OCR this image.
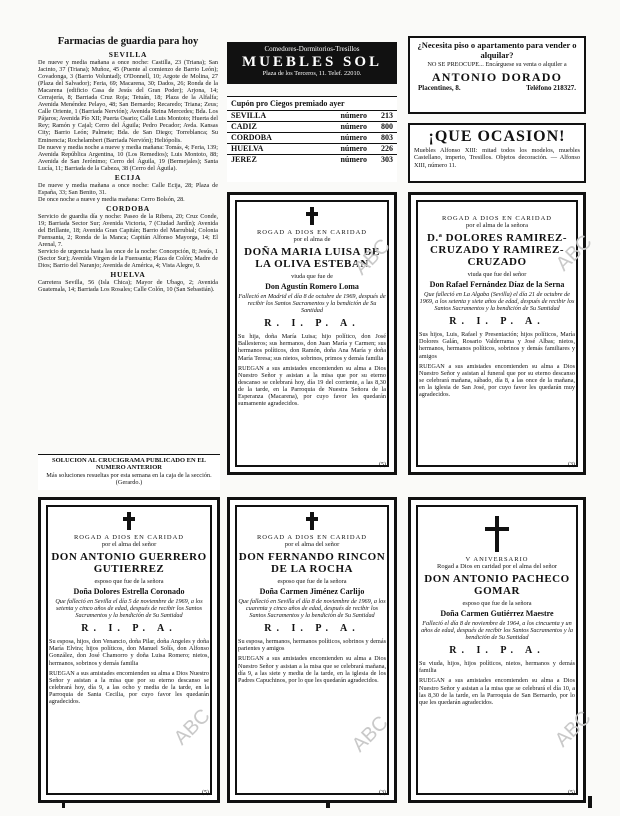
Farmacias de guardia para hoy
SEVILLA
De nueve y media mañana a once noche: Castilla, 23 (Triana); San Jacinto, 37 (Triana); Muñoz, 45 (Puente al comienzo de Barrio León); Covadonga, 3 (Barrio Voluntad); O'Donnell, 10; Argote de Molina, 27 (Plaza del Salvador); Feria, 69; Macarena, 30; Dados, 26; Ronda de la Macarena (edificio Casa de Jesús del Gran Poder); Arjona, 14; Cerrajería, 8; Barriada Cruz Roja; Tetuán, 18; Plaza de la Alfalfa; Avenida Menéndez Pelayo, 48; San Bernardo; Recaredo; Triana; Zeus; Calle Oriente, 1 (Barriada Nervión); Avenida Reina Mercedes; Bda. Los Pájaros; Avenida Pío XII; Puerta Osario; Calle Luis Montoto; Huerta del Rey; Ramón y Cajal; Cerro del Águila; Pedro Pecador; Avda. Kansas City; Barrio León; Palmete; Bda. de San Diego; Torreblanca; Su Eminencia; Rochelambert (Barriada Nervión); Heliópolis.
De nueve y media noche a nueve y media mañana: Tomás, 4; Feria, 139; Avenida República Argentina, 10 (Los Remedios); Luis Montoto, 88; Avenida de San Jerónimo; Cerro del Águila, 19 (Bermejales); Santa Lucía, 11; Barriada de la Cabeza, 38 (Cerro del Águila).
ECIJA
De nueve y media mañana a once noche: Calle Ecija, 28; Plaza de España, 33; San Benito, 31.
De once noche a nueve y media mañana: Cerro Bolsón, 28.
CORDOBA
Servicio de guardia día y noche: Paseo de la Ribera, 20; Cruz Conde, 19; Barriada Sector Sur; Avenida Victoria, 7 (Ciudad Jardín); Avenida del Brillante, 18; Avenida Gran Capitán; Barrio del Marrubial; Colonia Fuensanta, 2; Ronda de la Manca; Capitán Alfonso Mayorga, 14; El Arenal, 7.
Servicio de urgencia hasta las once de la noche: Concepción, 8; Jesús, 1 (Sector Sur); Avenida Virgen de la Fuensanta; Plaza de Colón; Madre de Dios; Barrio del Naranjo; Avenida de América, 4; Vista Alegre, 9.
HUELVA
Carretera Sevilla, 56 (Isla Chica); Mayor de Ubago, 2; Avenida Guatemala, 14; Barriada Los Rosales; Calle Colón, 10 (San Sebastián).
SOLUCION AL CRUCIGRAMA PUBLICADO EN EL NUMERO ANTERIOR
Más soluciones resueltas por esta semana en la caja de la sección. (Gerardo.)
Comedores-Dormitorios-Tresillos
MUEBLES SOL
Plaza de los Terceros, 11. Telef. 22010.
Cupón pro Ciegos premiado ayer
SEVILLA	número	213
CADIZ	número	800
CORDOBA	número	803
HUELVA	número	226
JEREZ	número	303
¿Necesita piso o apartamento para vender o alquilar?
NO SE PREOCUPE... Encárguese su venta o alquiler a
ANTONIO DORADO
Placentines, 8.	Teléfono 218327.
¡QUE OCASION!
Muebles Alfonso XIII: mitad todos los modelos, muebles Castellano, imperio, Tresillos. Objetos decoración. — Alfonso XIII, número 11.
ROGAD A DIOS EN CARIDAD
por el alma de
DOÑA MARIA LUISA DE LA OLIVA ESTEBAN
viuda que fue de
Don Agustín Romero Loma
Falleció en Madrid el día 8 de octubre de 1969, después de recibir los Santos Sacramentos y la bendición de Su Santidad
R. I. P. A.
Su hija, doña María Luisa; hijo político, don José Ballesteros; sus hermanos, don Juan María y Carmen; sus hermanos políticos, don Ramón, doña Ana María y doña María Teresa; sus nietos, sobrinos, primos y demás familia
RUEGAN a sus amistades encomienden su alma a Dios Nuestro Señor y asistan a la misa que por su eterno descanso se celebrará hoy, día 19 del corriente, a las 8,30 de la tarde, en la Parroquia de Nuestra Señora de la Esperanza (Macarena), por cuyo favor les quedarán sumamente agradecidos.
(5)
ROGAD A DIOS EN CARIDAD
por el alma de la señora
D.ª DOLORES RAMIREZ-CRUZADO Y RAMIREZ-CRUZADO
viuda que fue del señor
Don Rafael Fernández Díaz de la Serna
Que falleció en La Algaba (Sevilla) el día 21 de octubre de 1969, a los setenta y siete años de edad, después de recibir los Santos Sacramentos y la bendición de Su Santidad
R. I. P. A.
Sus hijos, Luis, Rafael y Presentación; hijos políticos, María Dolores Galán, Rosario Valderrama y José Albas; nietos, hermanos, hermanos políticos, sobrinos y demás familiares y amigos
RUEGAN a sus amistades encomienden su alma a Dios Nuestro Señor y asistan al funeral que por su eterno descanso se celebrará mañana, sábado, día 8, a las once de la mañana, en la iglesia de San José, por cuyo favor les quedarán muy agradecidos.
(3)
ROGAD A DIOS EN CARIDAD
por el alma del señor
DON ANTONIO GUERRERO GUTIERREZ
esposo que fue de la señora
Doña Dolores Estrella Coronado
Que falleció en Sevilla el día 5 de noviembre de 1969, a los setenta y cinco años de edad, después de recibir los Santos Sacramentos y la bendición de Su Santidad
R. I. P. A.
Su esposa, hijos, don Venancio, doña Pilar, doña Angeles y doña María Elvira; hijos políticos, don Manuel Solís, don Alfonso González, don José Chamorro y doña Luisa Romero; nietos, hermanos, sobrinos y demás familia
RUEGAN a sus amistades encomienden su alma a Dios Nuestro Señor y asistan a la misa que por su eterno descanso se celebrará hoy, día 9, a las ocho y media de la tarde, en la Parroquia de Santa Cecilia, por cuyo favor les quedarán agradecidos.
(5)
ROGAD A DIOS EN CARIDAD
por el alma del señor
DON FERNANDO RINCON DE LA ROCHA
esposo que fue de la señora
Doña Carmen Jiménez Carlijo
Que falleció en Sevilla el día 8 de noviembre de 1969, a los cuarenta y cinco años de edad, después de recibir los Santos Sacramentos y la bendición de Su Santidad
R. I. P. A.
Su esposa, hermanos, hermanos políticos, sobrinos y demás parientes y amigos
RUEGAN a sus amistades encomienden su alma a Dios Nuestro Señor y asistan a la misa que se celebrará mañana, día 9, a las siete y media de la tarde, en la iglesia de los Padres Capuchinos, por lo que les quedarán agradecidos.
(3)
V ANIVERSARIO
Rogad a Dios en caridad por el alma del señor
DON ANTONIO PACHECO GOMAR
esposo que fue de la señora
Doña Carmen Gutiérrez Maestre
Falleció el día 8 de noviembre de 1964, a los cincuenta y un años de edad, después de recibir los Santos Sacramentos y la bendición de Su Santidad
R. I. P. A.
Su viuda, hijos, hijos políticos, nietos, hermanos y demás familia
RUEGAN a sus amistades encomienden su alma a Dios Nuestro Señor y asistan a la misa que se celebrará el día 10, a las 8,30 de la tarde, en la Parroquia de San Bernardo, por lo que les quedarán agradecidos.
(5)
ABC	ABC
ABC
ABC	ABC
